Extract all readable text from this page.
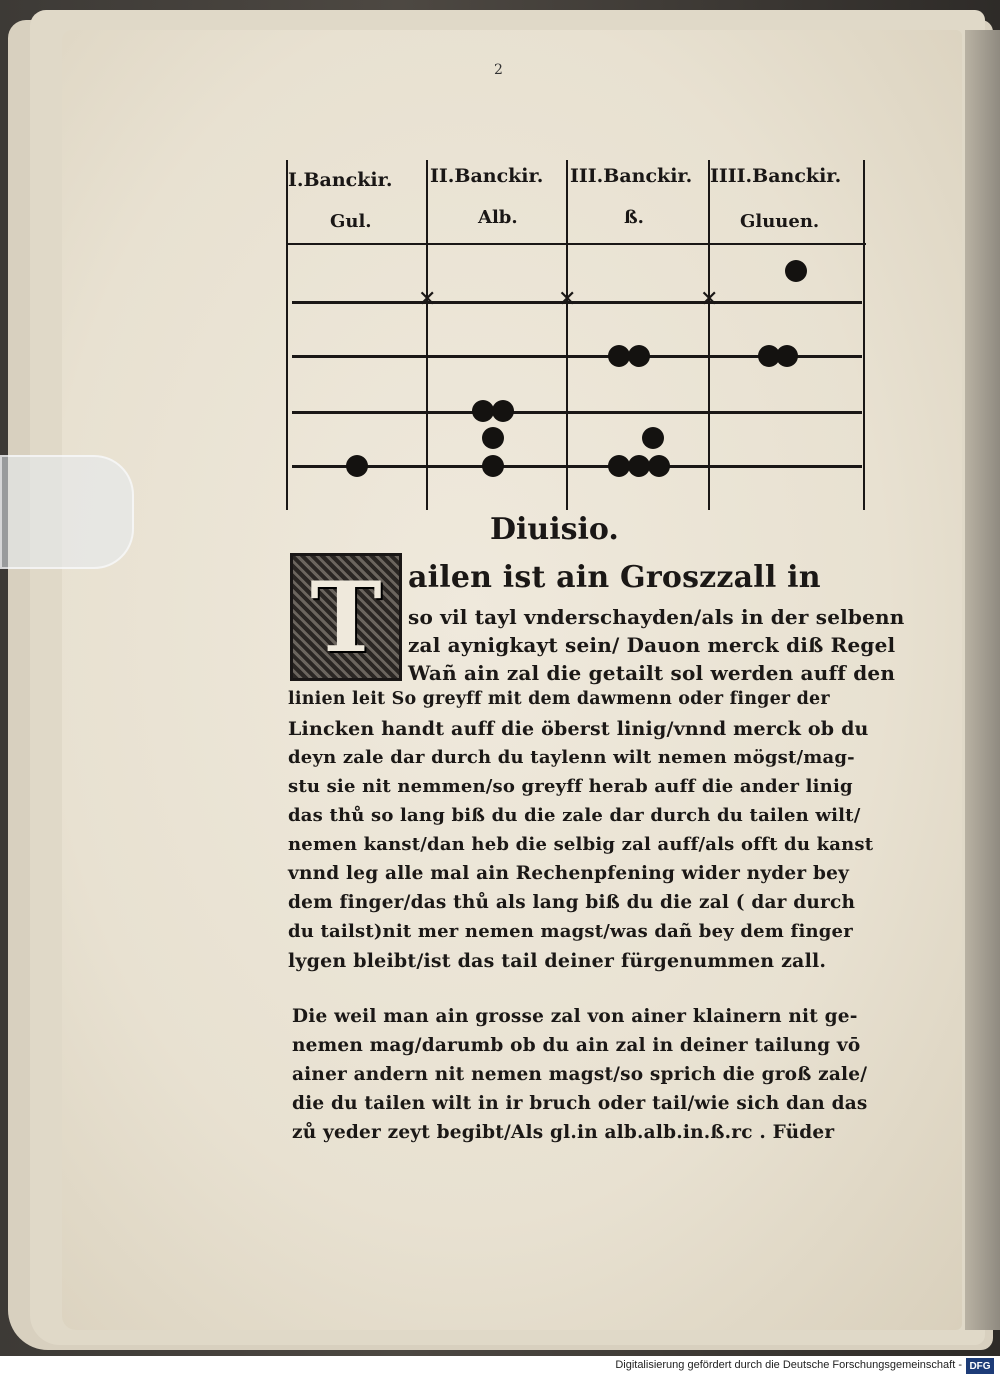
2
I.Banckir. II.Banckir. III.Banckir. IIII.Banckir.
Gul.	Alb.	ß.	Gluuen.
✕	✕	✕
Diuisio.
T ailen ist ain Groszzall in
so vil tayl vnderschayden/als in der selbenn
zal aynigkayt sein/ Dauon merck diß Regel
Wañ ain zal die getailt sol werden auff den
linien leit So greyff mit dem dawmenn oder finger der
Lincken handt auff die öberst linig/vnnd merck ob du
deyn zale dar durch du taylenn wilt nemen mögst/mag-
stu sie nit nemmen/so greyff herab auff die ander linig
das thů so lang biß du die zale dar durch du tailen wilt/
nemen kanst/dan heb die selbig zal auff/als offt du kanst
vnnd leg alle mal ain Rechenpfening wider nyder bey
dem finger/das thů als lang biß du die zal ( dar durch
du tailst)nit mer nemen magst/was dañ bey dem finger
lygen bleibt/ist das tail deiner fürgenummen zall.
Die weil man ain grosse zal von ainer klainern nit ge-
nemen mag/darumb ob du ain zal in deiner tailung vō
ainer andern nit nemen magst/so sprich die groß zale/
die du tailen wilt in ir bruch oder tail/wie sich dan das
zů yeder zeyt begibt/Als gl.in alb.alb.in.ß.rc . Füder
Digitalisierung gefördert durch die Deutsche Forschungsgemeinschaft - DFG
